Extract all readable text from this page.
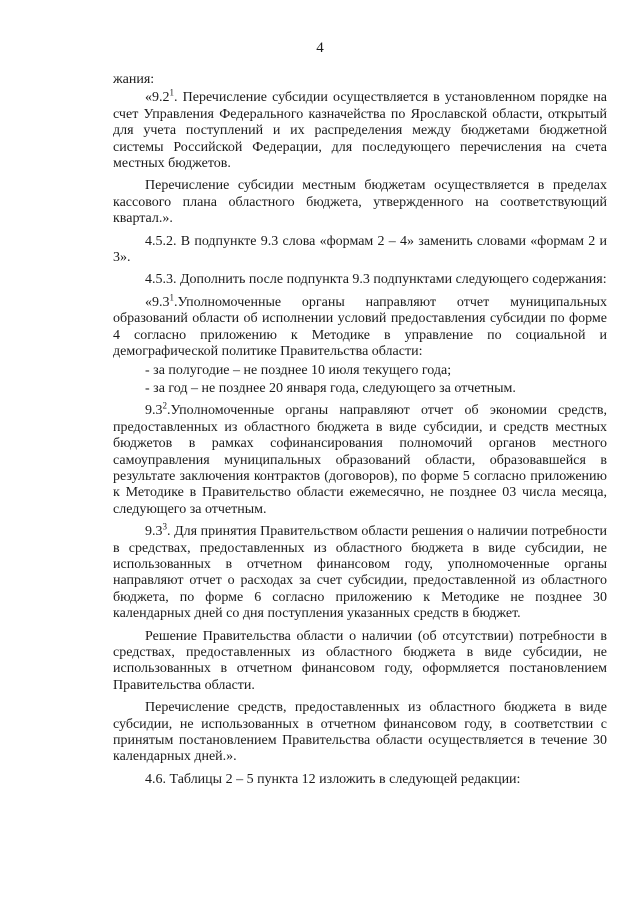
4

жания:

«$9.2^1$. Перечисление субсидии осуществляется в установленном порядке на счет Управления Федерального казначейства по Ярославской области, открытый для учета поступлений и их распределения между бюджетами бюджетной системы Российской Федерации, для последующего перечисления на счета местных бюджетов.

Перечисление субсидии местным бюджетам осуществляется в пределах кассового плана областного бюджета, утвержденного на соответствующий квартал.».

4.5.2. В подпункте 9.3 слова «формам 2 – 4» заменить словами «формам 2 и 3».

4.5.3. Дополнить после подпункта 9.3 подпунктами следующего содержания:

«$9.3^1.Уполномоченные$ органы направляют отчет муниципальных образований области об исполнении условий предоставления субсидии по форме 4 согласно приложению к Методике в управление по социальной и демографической политике Правительства области:

- за полугодие – не позднее 10 июля текущего года;

- за год – не позднее 20 января года, следующего за отчетным.

$9.3^2.Уполномоченные$ органы направляют отчет об экономии средств, предоставленных из областного бюджета в виде субсидии, и средств местных бюджетов в рамках софинансирования полномочий органов местного самоуправления муниципальных образований области, образовавшейся в результате заключения контрактов (договоров), по форме 5 согласно приложению к Методике в Правительство области ежемесячно, не позднее 03 числа месяца, следующего за отчетным.

$9.3^3$. Для принятия Правительством области решения о наличии потребности в средствах, предоставленных из областного бюджета в виде субсидии, не использованных в отчетном финансовом году, уполномоченные органы направляют отчет о расходах за счет субсидии, предоставленной из областного бюджета, по форме 6 согласно приложению к Методике не позднее 30 календарных дней со дня поступления указанных средств в бюджет.

Решение Правительства области о наличии (об отсутствии) потребности в средствах, предоставленных из областного бюджета в виде субсидии, не использованных в отчетном финансовом году, оформляется постановлением Правительства области.

Перечисление средств, предоставленных из областного бюджета в виде субсидии, не использованных в отчетном финансовом году, в соответствии с принятым постановлением Правительства области осуществляется в течение 30 календарных дней.».

4.6. Таблицы 2 – 5 пункта 12 изложить в следующей редакции:
